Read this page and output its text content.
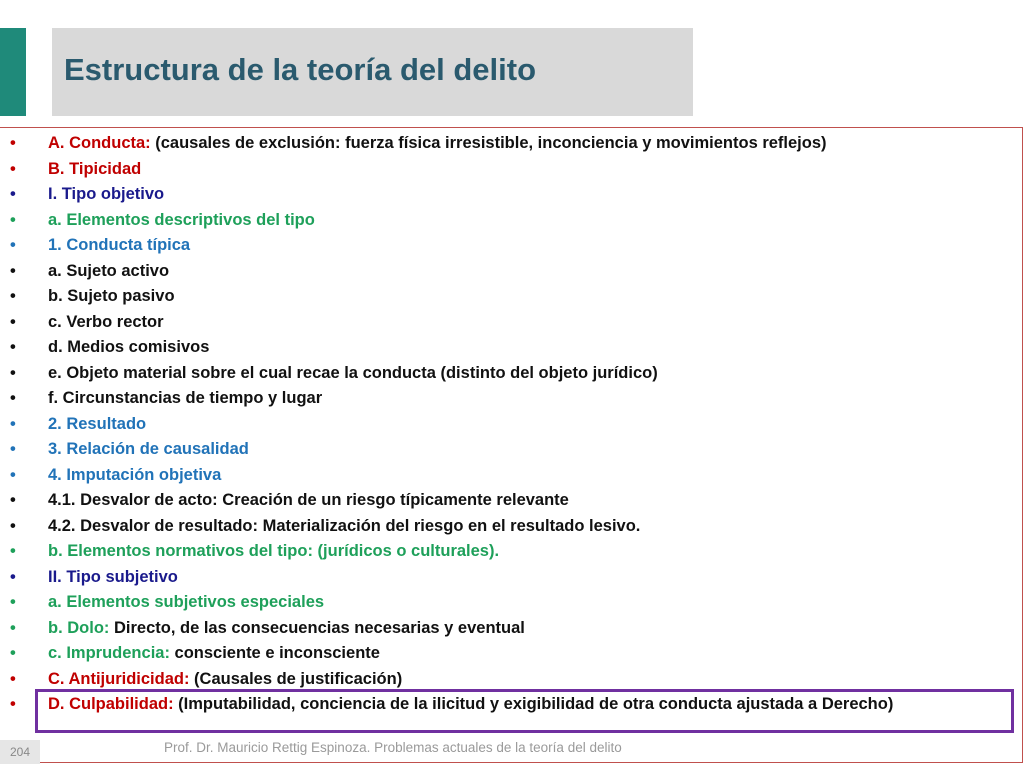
Estructura de la teoría del delito
• A. Conducta: (causales de exclusión: fuerza física irresistible, inconciencia y movimientos reflejos)
• B. Tipicidad
• I. Tipo objetivo
• a. Elementos descriptivos del tipo
• 1. Conducta típica
• a. Sujeto activo
• b. Sujeto pasivo
• c. Verbo rector
• d. Medios comisivos
• e. Objeto material sobre el cual recae la conducta (distinto del objeto jurídico)
• f. Circunstancias de tiempo y lugar
• 2. Resultado
• 3. Relación de causalidad
• 4. Imputación objetiva
• 4.1. Desvalor de acto: Creación de un riesgo típicamente relevante
• 4.2. Desvalor de resultado: Materialización del riesgo en el resultado lesivo.
• b. Elementos normativos del tipo: (jurídicos o culturales).
• II. Tipo subjetivo
• a. Elementos subjetivos especiales
• b. Dolo: Directo, de las consecuencias necesarias y eventual
• c. Imprudencia: consciente e inconsciente
• C. Antijuridicidad: (Causales de justificación)
• D. Culpabilidad: (Imputabilidad, conciencia de la ilicitud y exigibilidad de otra conducta ajustada a Derecho)
204	Prof. Dr. Mauricio Rettig Espinoza. Problemas actuales de la teoría del delito
